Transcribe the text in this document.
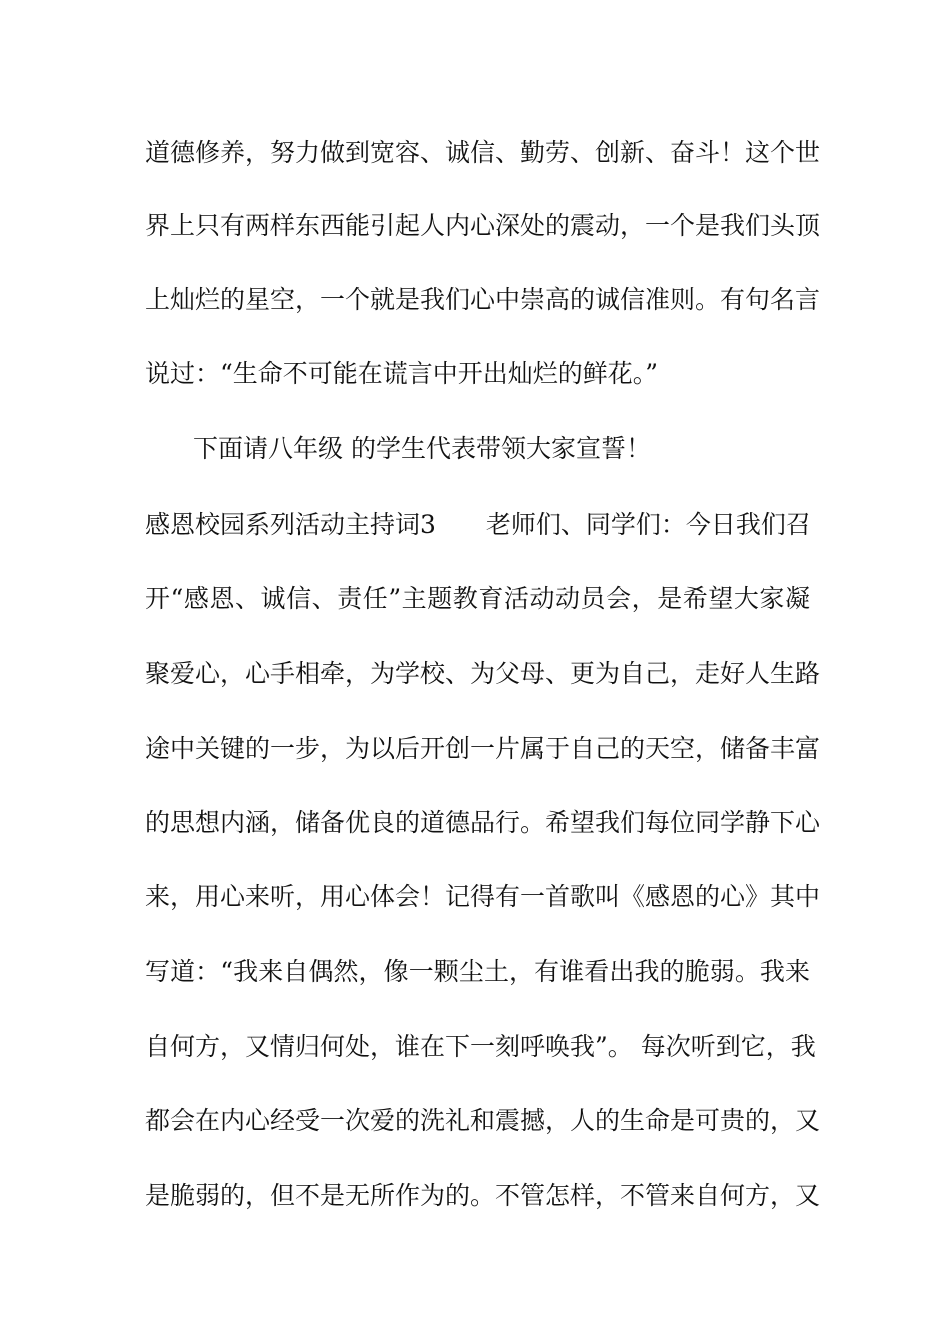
道德修养，努力做到宽容、诚信、勤劳、创新、奋斗！这个世
界上只有两样东西能引起人内心深处的震动，一个是我们头顶
上灿烂的星空，一个就是我们心中崇高的诚信准则。有句名言
说过：“生命不可能在谎言中开出灿烂的鲜花。”
下面请八年级 的学生代表带领大家宣誓！
感恩校园系列活动主持词3　　老师们、同学们：今日我们召
开“感恩、诚信、责任”主题教育活动动员会，是希望大家凝
聚爱心，心手相牵，为学校、为父母、更为自己，走好人生路
途中关键的一步，为以后开创一片属于自己的天空，储备丰富
的思想内涵，储备优良的道德品行。希望我们每位同学静下心
来，用心来听，用心体会！记得有一首歌叫《感恩的心》其中
写道：“我来自偶然，像一颗尘土，有谁看出我的脆弱。我来
自何方，又情归何处，谁在下一刻呼唤我”。 每次听到它，我
都会在内心经受一次爱的洗礼和震撼，人的生命是可贵的，又
是脆弱的，但不是无所作为的。不管怎样，不管来自何方，又
